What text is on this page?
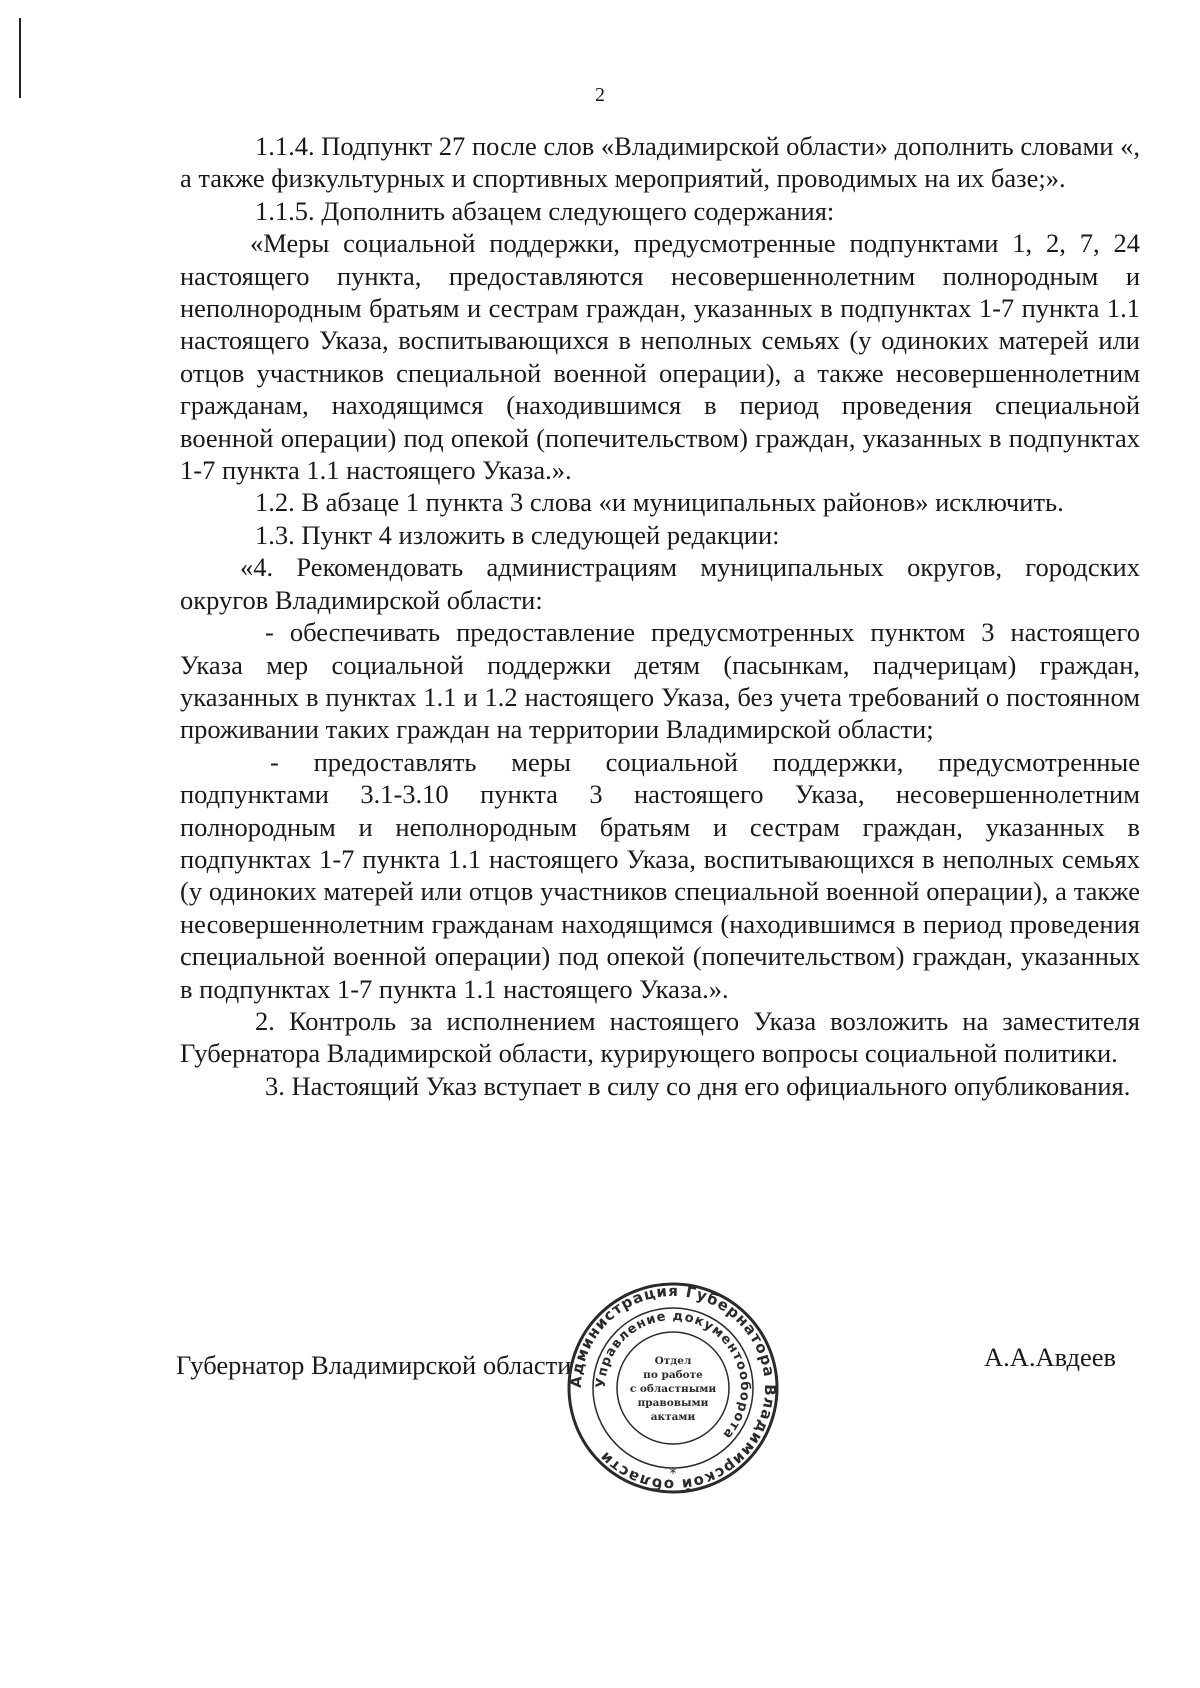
2

1.1.4. Подпункт 27 после слов «Владимирской области» дополнить словами «, а также физкультурных и спортивных мероприятий, проводимых на их базе;».

1.1.5. Дополнить абзацем следующего содержания:

«Меры социальной поддержки, предусмотренные подпунктами 1, 2, 7, 24 настоящего пункта, предоставляются несовершеннолетним полнородным и неполнородным братьям и сестрам граждан, указанных в подпунктах 1-7 пункта 1.1 настоящего Указа, воспитывающихся в неполных семьях (у одиноких матерей или отцов участников специальной военной операции), а также несовершеннолетним гражданам, находящимся (находившимся в период проведения специальной военной операции) под опекой (попечительством) граждан, указанных в подпунктах 1-7 пункта 1.1 настоящего Указа.».

1.2. В абзаце 1 пункта 3 слова «и муниципальных районов» исключить.

1.3. Пункт 4 изложить в следующей редакции:

«4. Рекомендовать администрациям муниципальных округов, городских округов Владимирской области:

- обеспечивать предоставление предусмотренных пунктом 3 настоящего Указа мер социальной поддержки детям (пасынкам, падчерицам) граждан, указанных в пунктах 1.1 и 1.2 настоящего Указа, без учета требований о постоянном проживании таких граждан на территории Владимирской области;

- предоставлять меры социальной поддержки, предусмотренные подпунктами 3.1-3.10 пункта 3 настоящего Указа, несовершеннолетним полнородным и неполнородным братьям и сестрам граждан, указанных в подпунктах 1-7 пункта 1.1 настоящего Указа, воспитывающихся в неполных семьях (у одиноких матерей или отцов участников специальной военной операции), а также несовершеннолетним гражданам находящимся (находившимся в период проведения специальной военной операции) под опекой (попечительством) граждан, указанных в подпунктах 1-7 пункта 1.1 настоящего Указа.».

2. Контроль за исполнением настоящего Указа возложить на заместителя Губернатора Владимирской области, курирующего вопросы социальной политики.

3. Настоящий Указ вступает в силу со дня его официального опубликования.

Губернатор Владимирской области	А.А.Авдеев
Администрация Губернатора Владимирской области
Управление документооборота
Отдел
по работе
с областными
правовыми
актами
*
